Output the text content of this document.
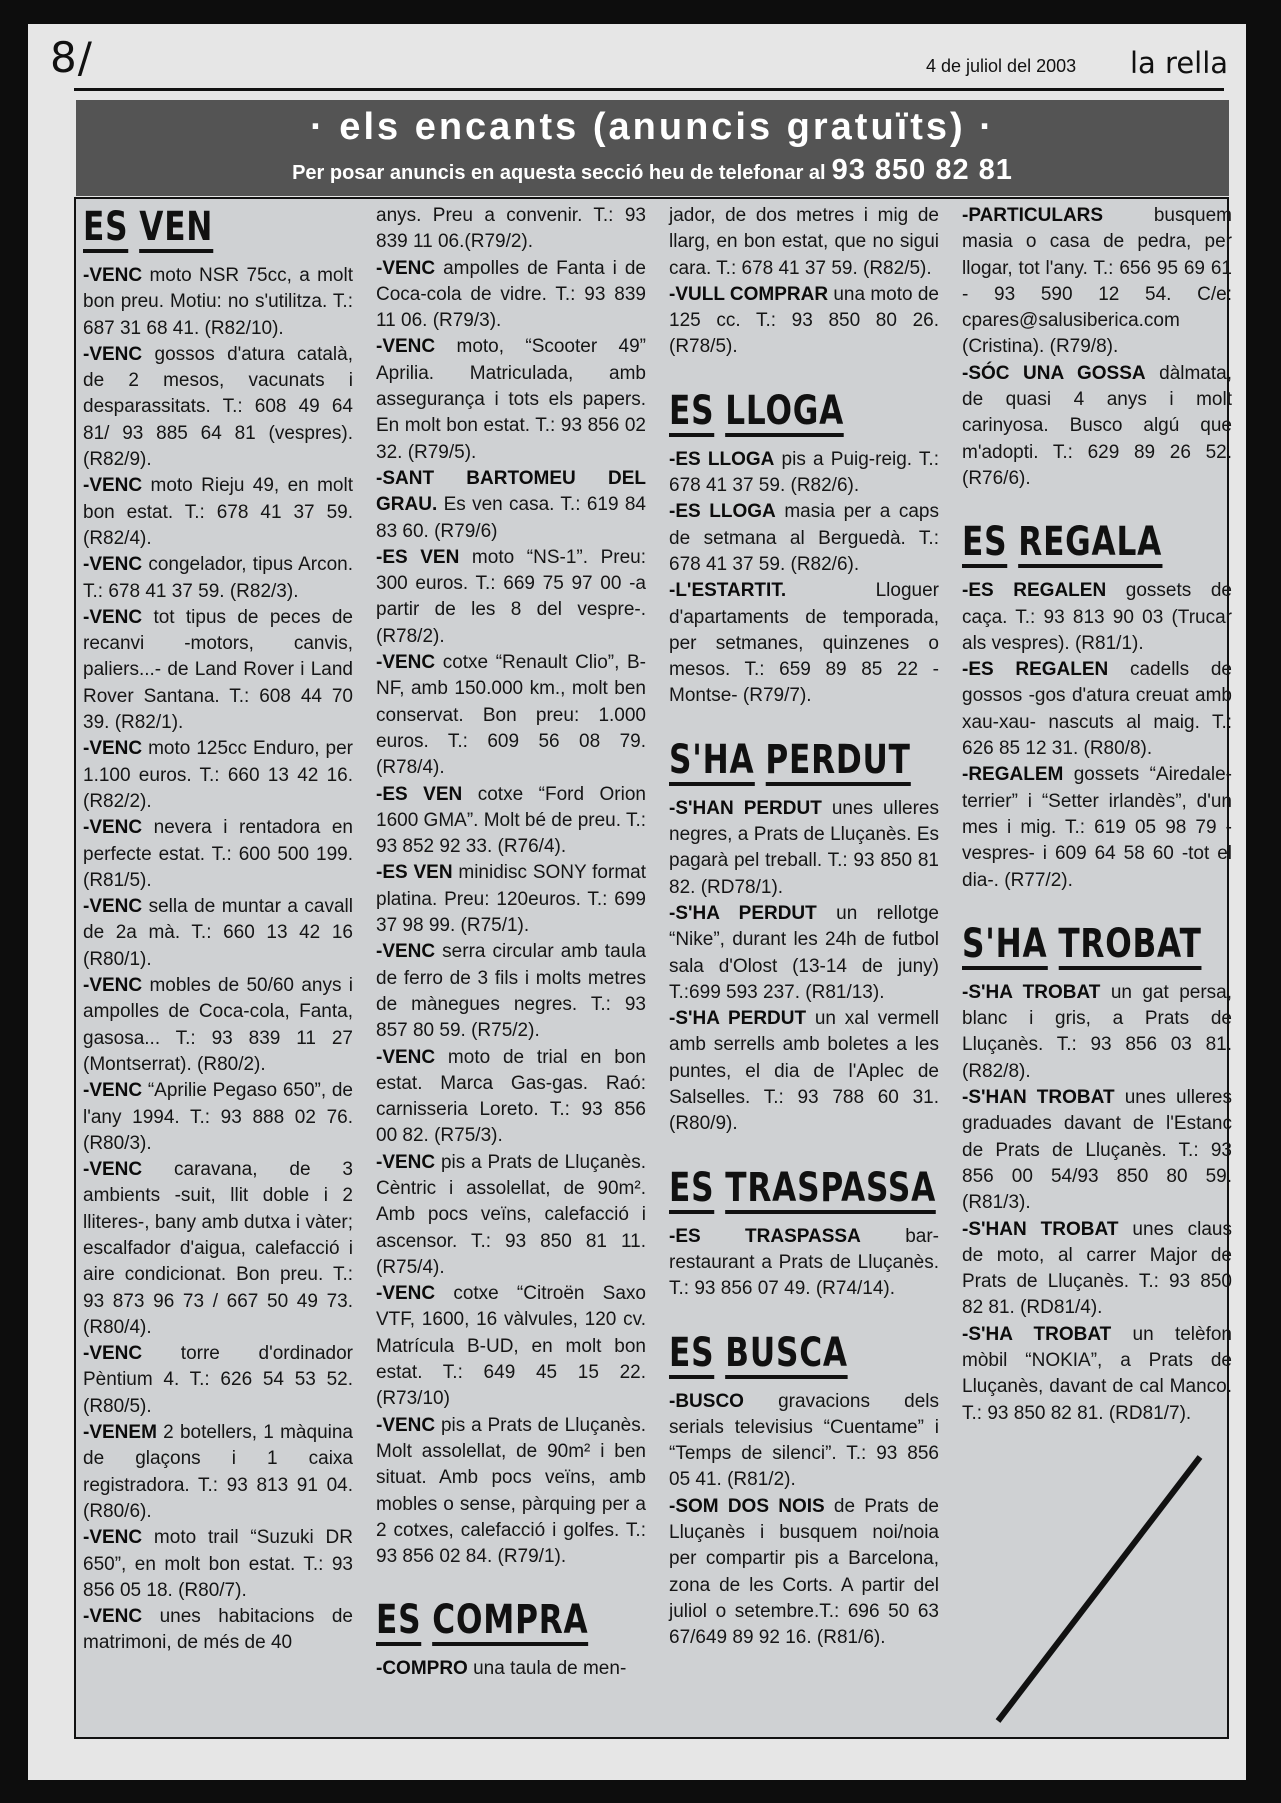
8/	4 de juliol del 2003 la rella
· els encants (anuncis gratuïts) ·
Per posar anuncis en aquesta secció heu de telefonar al 93 850 82 81
ES VEN

-VENC moto NSR 75cc, a molt bon preu. Motiu: no s'utilitza. T.: 687 31 68 41. (R82/10).

-VENC gossos d'atura català, de 2 mesos, vacunats i desparassitats. T.: 608 49 64 81/ 93 885 64 81 (vespres). (R82/9).

-VENC moto Rieju 49, en molt bon estat. T.: 678 41 37 59.(R82/4).

-VENC congelador, tipus Arcon. T.: 678 41 37 59. (R82/3).

-VENC tot tipus de peces de recanvi -motors, canvis, paliers...- de Land Rover i Land Rover Santana. T.: 608 44 70 39. (R82/1).

-VENC moto 125cc Enduro, per 1.100 euros. T.: 660 13 42 16. (R82/2).

-VENC nevera i rentadora en perfecte estat. T.: 600 500 199. (R81/5).

-VENC sella de muntar a cavall de 2a mà. T.: 660 13 42 16 (R80/1).

-VENC mobles de 50/60 anys i ampolles de Coca-cola, Fanta, gasosa... T.: 93 839 11 27 (Montserrat). (R80/2).

-VENC “Aprilie Pegaso 650”, de l'any 1994. T.: 93 888 02 76. (R80/3).

-VENC caravana, de 3 ambients -suit, llit doble i 2 lliteres-, bany amb dutxa i vàter; escalfador d'aigua, calefacció i aire condicionat. Bon preu. T.: 93 873 96 73 / 667 50 49 73. (R80/4).

-VENC torre d'ordinador Pèntium 4. T.: 626 54 53 52. (R80/5).

-VENEM 2 botellers, 1 màquina de glaçons i 1 caixa registradora. T.: 93 813 91 04. (R80/6).

-VENC moto trail “Suzuki DR 650”, en molt bon estat. T.: 93 856 05 18. (R80/7).

-VENC unes habitacions de matrimoni, de més de 40

anys. Preu a convenir. T.: 93 839 11 06.(R79/2).

-VENC ampolles de Fanta i de Coca-cola de vidre. T.: 93 839 11 06. (R79/3).

-VENC moto, “Scooter 49” Aprilia. Matriculada, amb assegurança i tots els papers. En molt bon estat. T.: 93 856 02 32. (R79/5).

-SANT BARTOMEU DEL GRAU. Es ven casa. T.: 619 84 83 60. (R79/6)

-ES VEN moto “NS-1”. Preu: 300 euros. T.: 669 75 97 00 -a partir de les 8 del vespre-. (R78/2).

-VENC cotxe “Renault Clio”, B-NF, amb 150.000 km., molt ben conservat. Bon preu: 1.000 euros. T.: 609 56 08 79. (R78/4).

-ES VEN cotxe “Ford Orion 1600 GMA”. Molt bé de preu. T.: 93 852 92 33. (R76/4).

-ES VEN minidisc SONY format platina. Preu: 120euros. T.: 699 37 98 99. (R75/1).

-VENC serra circular amb taula de ferro de 3 fils i molts metres de mànegues negres. T.: 93 857 80 59. (R75/2).

-VENC moto de trial en bon estat. Marca Gas-gas. Raó: carnisseria Loreto. T.: 93 856 00 82. (R75/3).

-VENC pis a Prats de Lluçanès. Cèntric i assolellat, de 90m². Amb pocs veïns, calefacció i ascensor. T.: 93 850 81 11. (R75/4).

-VENC cotxe “Citroën Saxo VTF, 1600, 16 vàlvules, 120 cv. Matrícula B-UD, en molt bon estat. T.: 649 45 15 22. (R73/10)

-VENC pis a Prats de Lluçanès. Molt assolellat, de 90m² i ben situat. Amb pocs veïns, amb mobles o sense, pàrquing per a 2 cotxes, calefacció i golfes. T.: 93 856 02 84. (R79/1).

ES COMPRA

-COMPRO una taula de men-

jador, de dos metres i mig de llarg, en bon estat, que no sigui cara. T.: 678 41 37 59. (R82/5).

-VULL COMPRAR una moto de 125 cc. T.: 93 850 80 26. (R78/5).

ES LLOGA

-ES LLOGA pis a Puig-reig. T.: 678 41 37 59. (R82/6).

-ES LLOGA masia per a caps de setmana al Berguedà. T.: 678 41 37 59. (R82/6).

-L'ESTARTIT. Lloguer d'apartaments de temporada, per setmanes, quinzenes o mesos. T.: 659 89 85 22 -Montse- (R79/7).

S'HA PERDUT

-S'HAN PERDUT unes ulleres negres, a Prats de Lluçanès. Es pagarà pel treball. T.: 93 850 81 82. (RD78/1).

-S'HA PERDUT un rellotge “Nike”, durant les 24h de futbol sala d'Olost (13-14 de juny) T.:699 593 237. (R81/13).

-S'HA PERDUT un xal vermell amb serrells amb boletes a les puntes, el dia de l'Aplec de Salselles. T.: 93 788 60 31. (R80/9).

ES TRASPASSA

-ES TRASPASSA bar-restaurant a Prats de Lluçanès. T.: 93 856 07 49. (R74/14).

ES BUSCA

-BUSCO gravacions dels serials televisius “Cuentame” i “Temps de silenci”. T.: 93 856 05 41. (R81/2).

-SOM DOS NOIS de Prats de Lluçanès i busquem noi/noia per compartir pis a Barcelona, zona de les Corts. A partir del juliol o setembre.T.: 696 50 63 67/649 89 92 16. (R81/6).

-PARTICULARS busquem masia o casa de pedra, per llogar, tot l'any. T.: 656 95 69 61 - 93 590 12 54. C/e: cpares@salusiberica.com (Cristina). (R79/8).

-SÓC UNA GOSSA dàlmata, de quasi 4 anys i molt carinyosa. Busco algú que m'adopti. T.: 629 89 26 52. (R76/6).

ES REGALA

-ES REGALEN gossets de caça. T.: 93 813 90 03 (Trucar als vespres). (R81/1).

-ES REGALEN cadells de gossos -gos d'atura creuat amb xau-xau- nascuts al maig. T.: 626 85 12 31. (R80/8).

-REGALEM gossets “Airedale-terrier” i “Setter irlandès”, d'un mes i mig. T.: 619 05 98 79 -vespres- i 609 64 58 60 -tot el dia-. (R77/2).

S'HA TROBAT

-S'HA TROBAT un gat persa, blanc i gris, a Prats de Lluçanès. T.: 93 856 03 81. (R82/8).

-S'HAN TROBAT unes ulleres graduades davant de l'Estanc de Prats de Lluçanès. T.: 93 856 00 54/93 850 80 59. (R81/3).

-S'HAN TROBAT unes claus de moto, al carrer Major de Prats de Lluçanès. T.: 93 850 82 81. (RD81/4).

-S'HA TROBAT un telèfon mòbil “NOKIA”, a Prats de Lluçanès, davant de cal Manco. T.: 93 850 82 81. (RD81/7).
